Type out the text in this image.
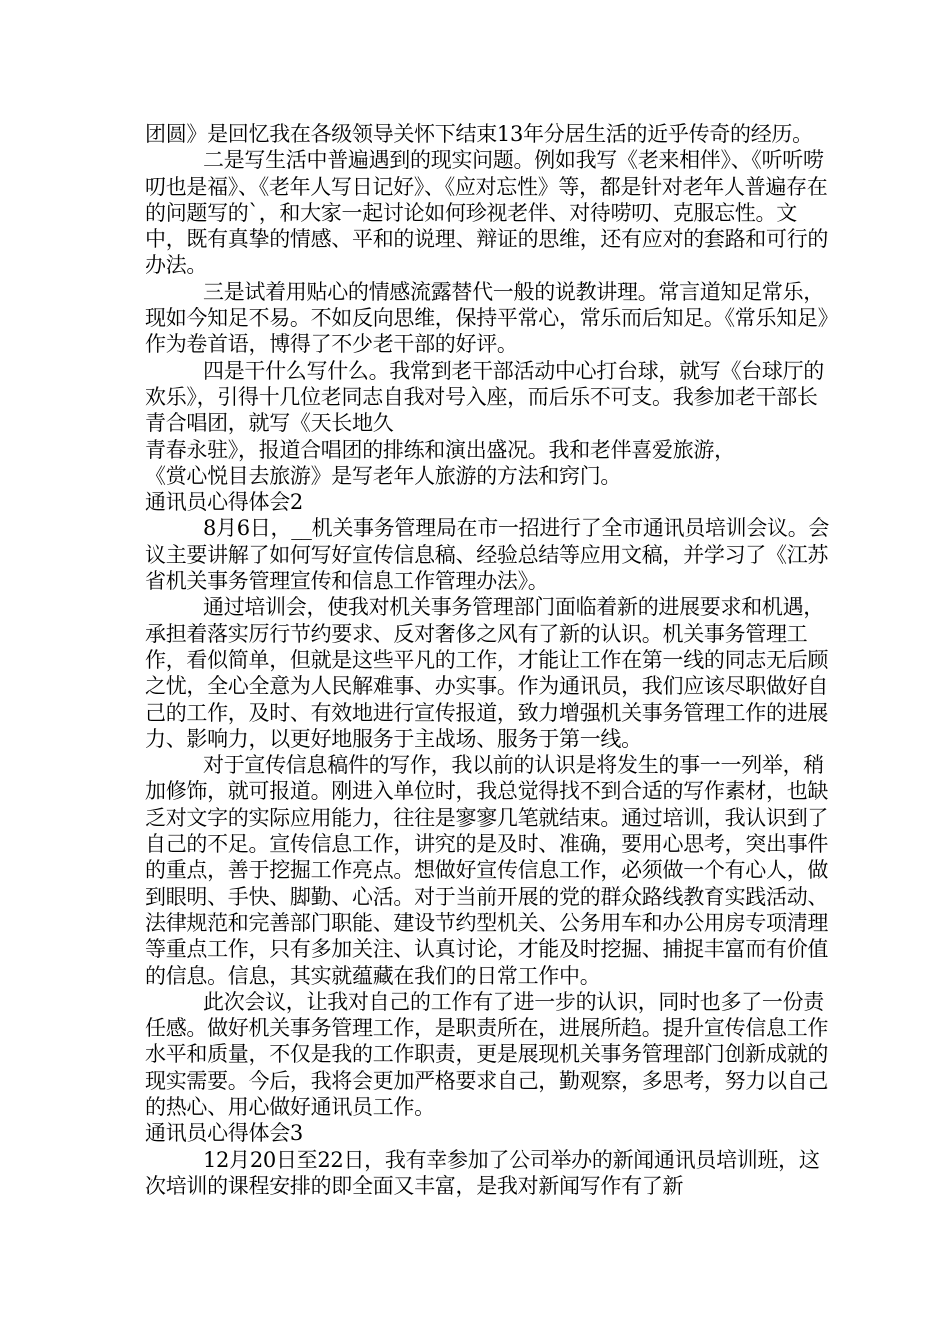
团圆》是回忆我在各级领导关怀下结束13年分居生活的近乎传奇的经历。

二是写生活中普遍遇到的现实问题。例如我写《老来相伴》、《听听唠叨也是福》、《老年人写日记好》、《应对忘性》等，都是针对老年人普遍存在的问题写的`，和大家一起讨论如何珍视老伴、对待唠叨、克服忘性。文中，既有真挚的情感、平和的说理、辩证的思维，还有应对的套路和可行的办法。

三是试着用贴心的情感流露替代一般的说教讲理。常言道知足常乐，现如今知足不易。不如反向思维，保持平常心，常乐而后知足。《常乐知足》作为卷首语，博得了不少老干部的好评。

四是干什么写什么。我常到老干部活动中心打台球，就写《台球厅的欢乐》，引得十几位老同志自我对号入座，而后乐不可支。我参加老干部长青合唱团，就写《天长地久

青春永驻》，报道合唱团的排练和演出盛况。我和老伴喜爱旅游，

《赏心悦目去旅游》是写老年人旅游的方法和窍门。

通讯员心得体会2

8月6日，__机关事务管理局在市一招进行了全市通讯员培训会议。会议主要讲解了如何写好宣传信息稿、经验总结等应用文稿，并学习了《江苏省机关事务管理宣传和信息工作管理办法》。

通过培训会，使我对机关事务管理部门面临着新的进展要求和机遇，承担着落实厉行节约要求、反对奢侈之风有了新的认识。机关事务管理工作，看似简单，但就是这些平凡的工作，才能让工作在第一线的同志无后顾之忧，全心全意为人民解难事、办实事。作为通讯员，我们应该尽职做好自己的工作，及时、有效地进行宣传报道，致力增强机关事务管理工作的进展力、影响力，以更好地服务于主战场、服务于第一线。

对于宣传信息稿件的写作，我以前的认识是将发生的事一一列举，稍加修饰，就可报道。刚进入单位时，我总觉得找不到合适的写作素材，也缺乏对文字的实际应用能力，往往是寥寥几笔就结束。通过培训，我认识到了自己的不足。宣传信息工作，讲究的是及时、准确，要用心思考，突出事件的重点，善于挖掘工作亮点。想做好宣传信息工作，必须做一个有心人，做到眼明、手快、脚勤、心活。对于当前开展的党的群众路线教育实践活动、法律规范和完善部门职能、建设节约型机关、公务用车和办公用房专项清理等重点工作，只有多加关注、认真讨论，才能及时挖掘、捕捉丰富而有价值的信息。信息，其实就蕴藏在我们的日常工作中。

此次会议，让我对自己的工作有了进一步的认识，同时也多了一份责任感。做好机关事务管理工作，是职责所在，进展所趋。提升宣传信息工作水平和质量，不仅是我的工作职责，更是展现机关事务管理部门创新成就的现实需要。今后，我将会更加严格要求自己，勤观察，多思考，努力以自己的热心、用心做好通讯员工作。

通讯员心得体会3

12月20日至22日，我有幸参加了公司举办的新闻通讯员培训班，这次培训的课程安排的即全面又丰富，是我对新闻写作有了新
